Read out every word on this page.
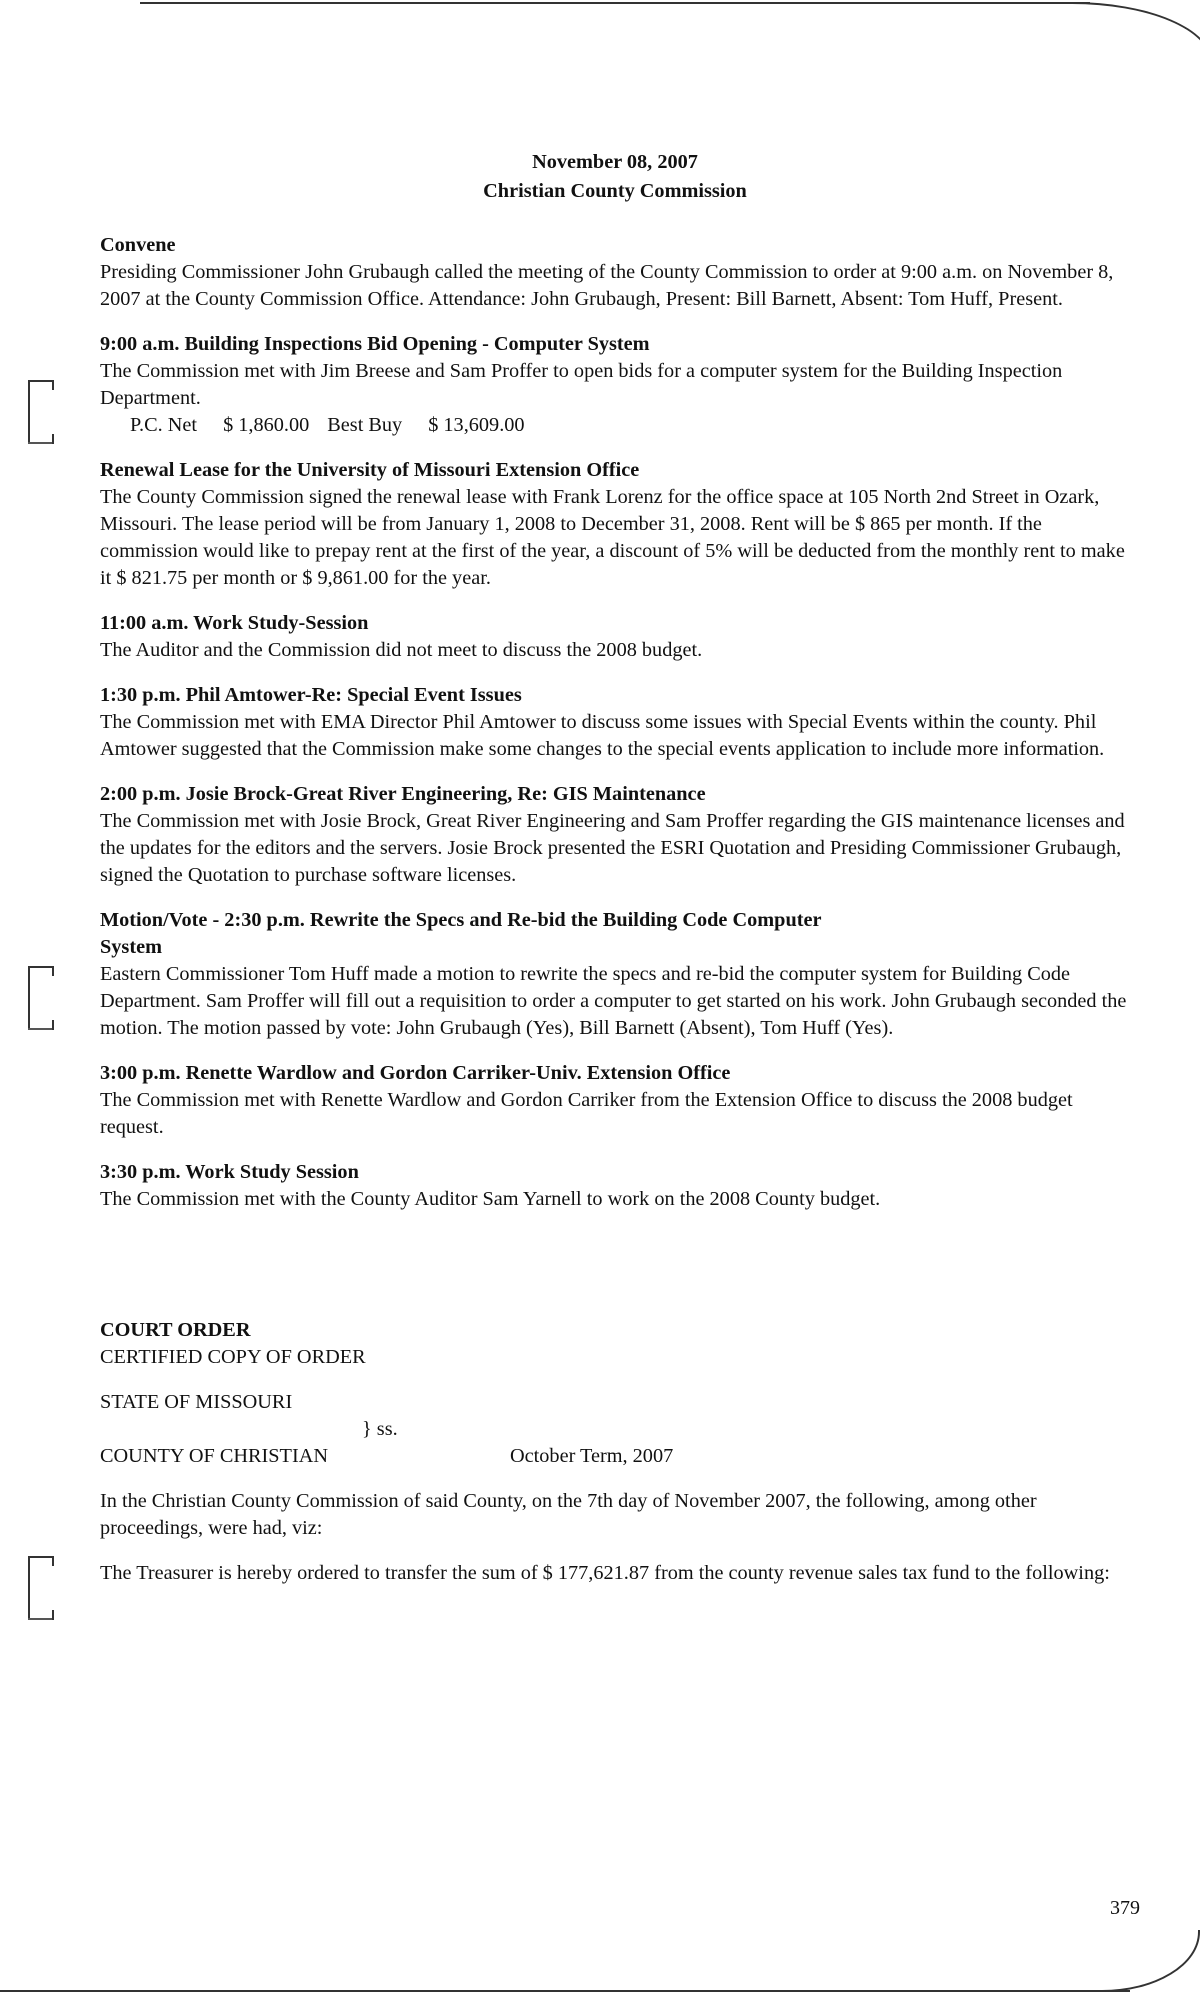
November 08, 2007
Christian County Commission
Convene
Presiding Commissioner John Grubaugh called the meeting of the County Commission to order at 9:00 a.m. on November 8, 2007 at the County Commission Office. Attendance: John Grubaugh, Present: Bill Barnett, Absent: Tom Huff, Present.
9:00 a.m. Building Inspections Bid Opening - Computer System
The Commission met with Jim Breese and Sam Proffer to open bids for a computer system for the Building Inspection Department.
P.C. Net $ 1,860.00 Best Buy $ 13,609.00
Renewal Lease for the University of Missouri Extension Office
The County Commission signed the renewal lease with Frank Lorenz for the office space at 105 North 2nd Street in Ozark, Missouri. The lease period will be from January 1, 2008 to December 31, 2008. Rent will be $ 865 per month. If the commission would like to prepay rent at the first of the year, a discount of 5% will be deducted from the monthly rent to make it $ 821.75 per month or $ 9,861.00 for the year.
11:00 a.m. Work Study-Session
The Auditor and the Commission did not meet to discuss the 2008 budget.
1:30 p.m. Phil Amtower-Re: Special Event Issues
The Commission met with EMA Director Phil Amtower to discuss some issues with Special Events within the county. Phil Amtower suggested that the Commission make some changes to the special events application to include more information.
2:00 p.m. Josie Brock-Great River Engineering, Re: GIS Maintenance
The Commission met with Josie Brock, Great River Engineering and Sam Proffer regarding the GIS maintenance licenses and the updates for the editors and the servers. Josie Brock presented the ESRI Quotation and Presiding Commissioner Grubaugh, signed the Quotation to purchase software licenses.
Motion/Vote - 2:30 p.m. Rewrite the Specs and Re-bid the Building Code Computer
System
Eastern Commissioner Tom Huff made a motion to rewrite the specs and re-bid the computer system for Building Code Department. Sam Proffer will fill out a requisition to order a computer to get started on his work. John Grubaugh seconded the motion. The motion passed by vote: John Grubaugh (Yes), Bill Barnett (Absent), Tom Huff (Yes).
3:00 p.m. Renette Wardlow and Gordon Carriker-Univ. Extension Office
The Commission met with Renette Wardlow and Gordon Carriker from the Extension Office to discuss the 2008 budget request.
3:30 p.m. Work Study Session
The Commission met with the County Auditor Sam Yarnell to work on the 2008 County budget.
COURT ORDER
CERTIFIED COPY OF ORDER
STATE OF MISSOURI
} ss.
COUNTY OF CHRISTIAN	October Term, 2007
In the Christian County Commission of said County, on the 7th day of November 2007, the following, among other proceedings, were had, viz:
The Treasurer is hereby ordered to transfer the sum of $ 177,621.87 from the county revenue sales tax fund to the following:
379
